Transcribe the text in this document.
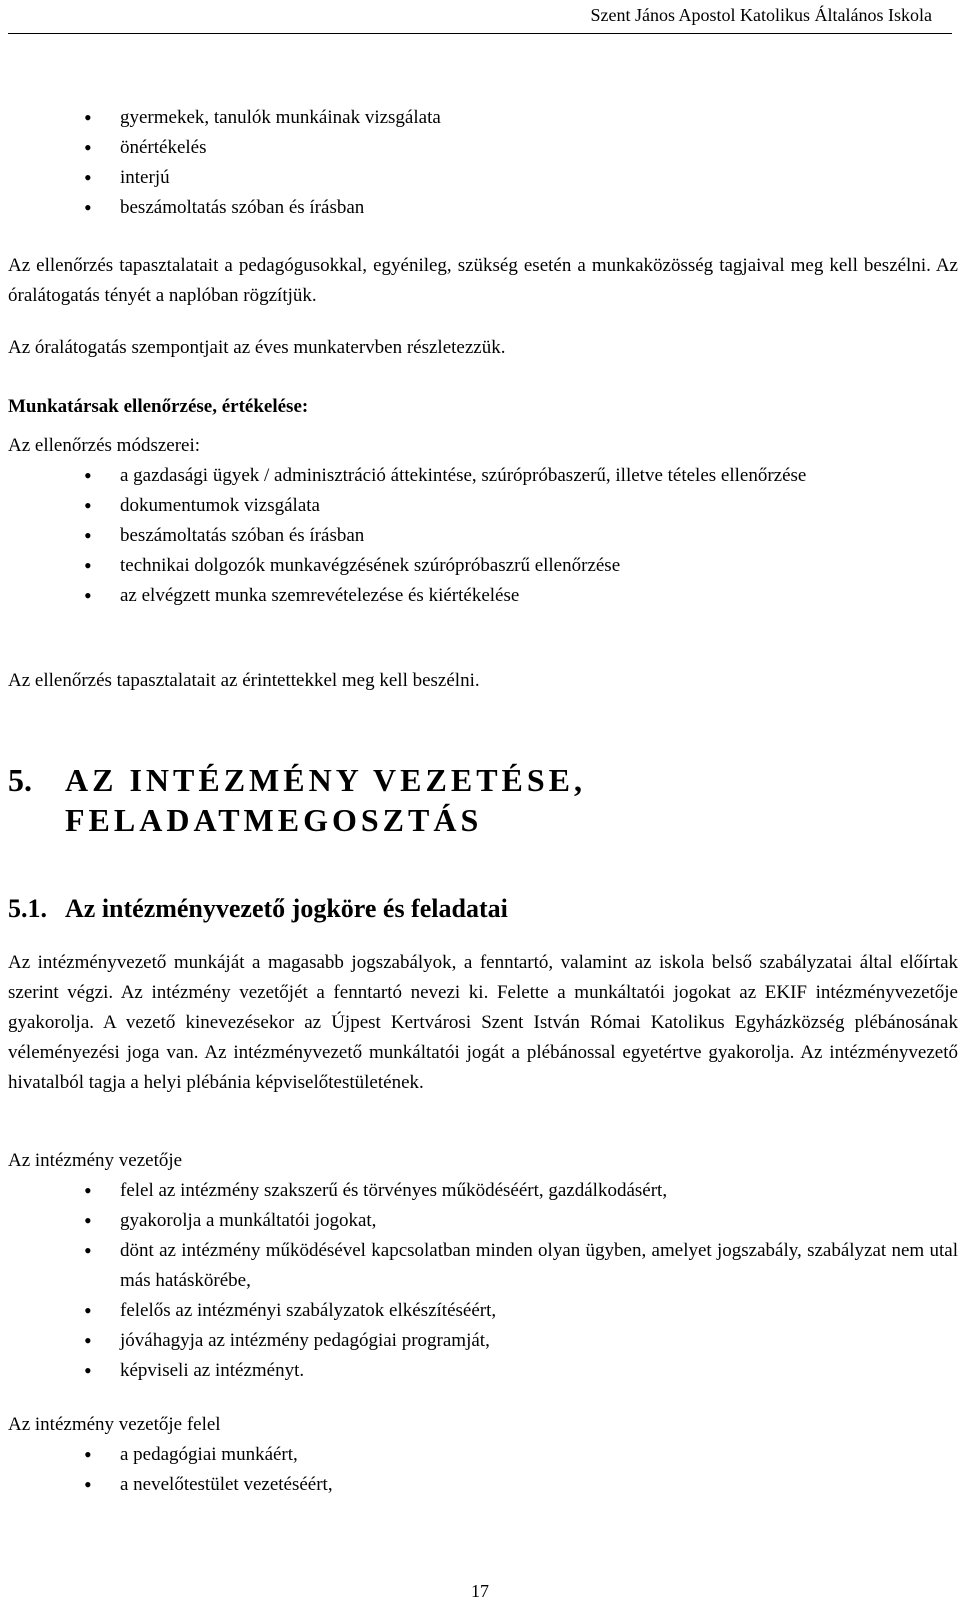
Szent János Apostol Katolikus Általános Iskola
• gyermekek, tanulók munkáinak vizsgálata
• önértékelés
• interjú
• beszámoltatás szóban és írásban

Az ellenőrzés tapasztalatait a pedagógusokkal, egyénileg, szükség esetén a munkaközösség tagjaival meg kell beszélni. Az óralátogatás tényét a naplóban rögzítjük.

Az óralátogatás szempontjait az éves munkatervben részletezzük.

Munkatársak ellenőrzése, értékelése:

Az ellenőrzés módszerei:

• a gazdasági ügyek / adminisztráció áttekintése, szúrópróbaszerű, illetve tételes ellenőrzése
• dokumentumok vizsgálata
• beszámoltatás szóban és írásban
• technikai dolgozók munkavégzésének szúrópróbaszrű ellenőrzése
• az elvégzett munka szemrevételezése és kiértékelése

Az ellenőrzés tapasztalatait az érintettekkel meg kell beszélni.

5. AZ INTÉZMÉNY VEZETÉSE,
FELADATMEGOSZTÁS
5.1. Az intézményvezető jogköre és feladatai

Az intézményvezető munkáját a magasabb jogszabályok, a fenntartó, valamint az iskola belső szabályzatai által előírtak szerint végzi. Az intézmény vezetőjét a fenntartó nevezi ki. Felette a munkáltatói jogokat az EKIF intézményvezetője gyakorolja. A vezető kinevezésekor az Újpest Kertvárosi Szent István Római Katolikus Egyházközség plébánosának véleményezési joga van. Az intézményvezető munkáltatói jogát a plébánossal egyetértve gyakorolja. Az intézményvezető hivatalból tagja a helyi plébánia képviselőtestületének.

Az intézmény vezetője

• felel az intézmény szakszerű és törvényes működéséért, gazdálkodásért,
• gyakorolja a munkáltatói jogokat,
• dönt az intézmény működésével kapcsolatban minden olyan ügyben, amelyet jogszabály, szabályzat nem utal más hatáskörébe,
• felelős az intézményi szabályzatok elkészítéséért,
• jóváhagyja az intézmény pedagógiai programját,
• képviseli az intézményt.

Az intézmény vezetője felel

• a pedagógiai munkáért,
• a nevelőtestület vezetéséért,
17
